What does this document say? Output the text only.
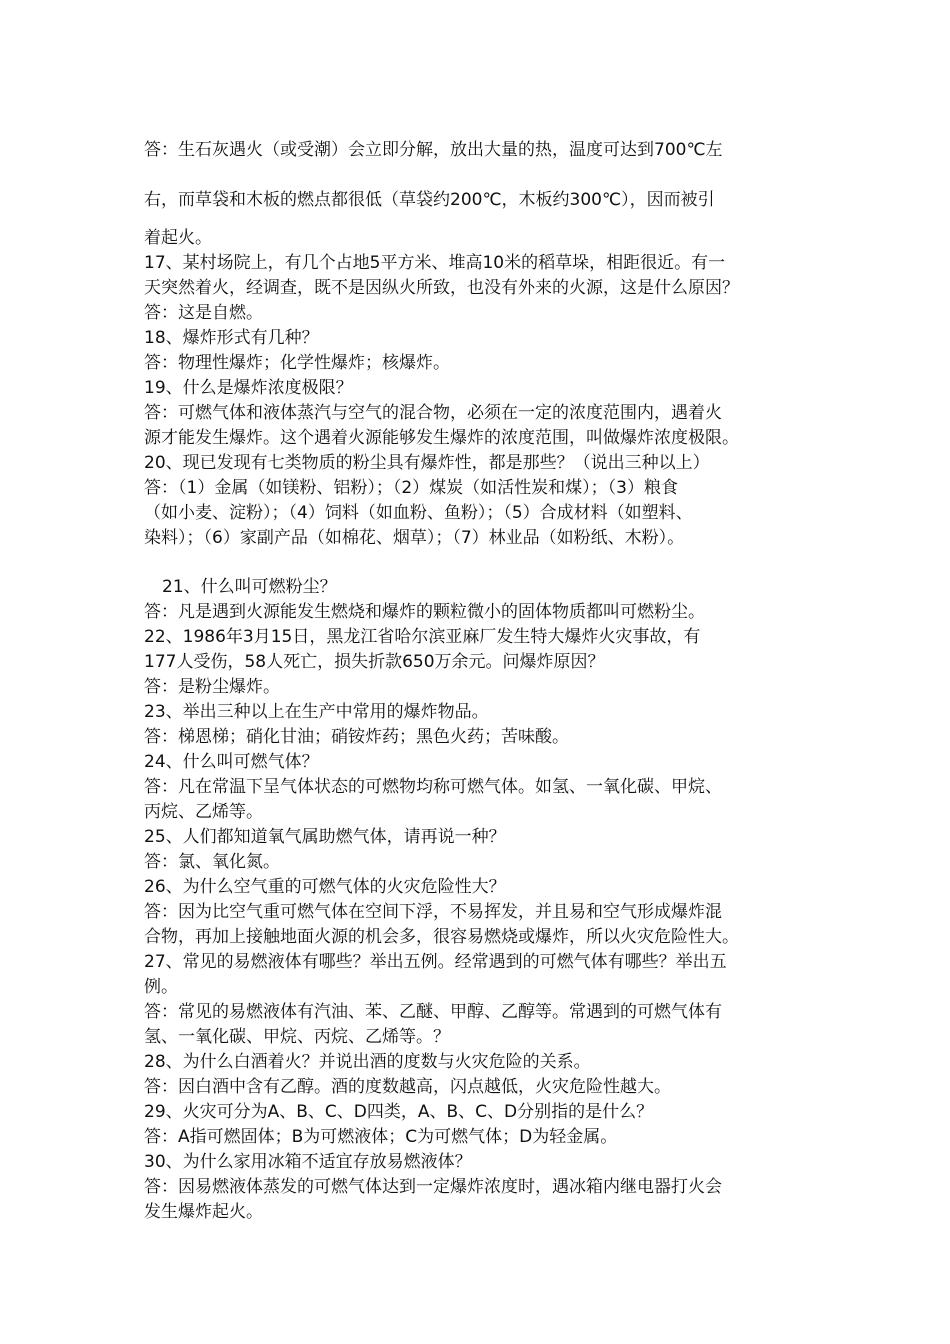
答：生石灰遇火（或受潮）会立即分解，放出大量的热，温度可达到700℃左
右，而草袋和木板的燃点都很低（草袋约200℃，木板约300℃），因而被引
着起火。
17、某村场院上，有几个占地5平方米、堆高10米的稻草垛，相距很近。有一
天突然着火，经调查，既不是因纵火所致，也没有外来的火源，这是什么原因？
答：这是自燃。
18、爆炸形式有几种？
答：物理性爆炸；化学性爆炸；核爆炸。
19、什么是爆炸浓度极限？
答：可燃气体和液体蒸汽与空气的混合物，必须在一定的浓度范围内，遇着火
源才能发生爆炸。这个遇着火源能够发生爆炸的浓度范围，叫做爆炸浓度极限。
20、现已发现有七类物质的粉尘具有爆炸性，都是那些？（说出三种以上）
答：（1）金属（如镁粉、铝粉）；（2）煤炭（如活性炭和煤）；（3）粮食
（如小麦、淀粉）；（4）饲料（如血粉、鱼粉）；（5）合成材料（如塑料、
染料）；（6）家副产品（如棉花、烟草）；（7）林业品（如粉纸、木粉）。
21、什么叫可燃粉尘？
答：凡是遇到火源能发生燃烧和爆炸的颗粒微小的固体物质都叫可燃粉尘。
22、1986年3月15日，黑龙江省哈尔滨亚麻厂发生特大爆炸火灾事故，有
177人受伤，58人死亡，损失折款650万余元。问爆炸原因？
答：是粉尘爆炸。
23、举出三种以上在生产中常用的爆炸物品。
答：梯恩梯；硝化甘油；硝铵炸药；黑色火药；苦味酸。
24、什么叫可燃气体？
答：凡在常温下呈气体状态的可燃物均称可燃气体。如氢、一氧化碳、甲烷、
丙烷、乙烯等。
25、人们都知道氧气属助燃气体，请再说一种？
答：氯、氧化氮。
26、为什么空气重的可燃气体的火灾危险性大？
答：因为比空气重可燃气体在空间下浮，不易挥发，并且易和空气形成爆炸混
合物，再加上接触地面火源的机会多，很容易燃烧或爆炸，所以火灾危险性大。
27、常见的易燃液体有哪些？举出五例。经常遇到的可燃气体有哪些？举出五
例。
答：常见的易燃液体有汽油、苯、乙醚、甲醇、乙醇等。常遇到的可燃气体有
氢、一氧化碳、甲烷、丙烷、乙烯等。？
28、为什么白酒着火？并说出酒的度数与火灾危险的关系。
答：因白酒中含有乙醇。酒的度数越高，闪点越低，火灾危险性越大。
29、火灾可分为A、B、C、D四类，A、B、C、D分别指的是什么？
答：A指可燃固体；B为可燃液体；C为可燃气体；D为轻金属。
30、为什么家用冰箱不适宜存放易燃液体？
答：因易燃液体蒸发的可燃气体达到一定爆炸浓度时，遇冰箱内继电器打火会
发生爆炸起火。
